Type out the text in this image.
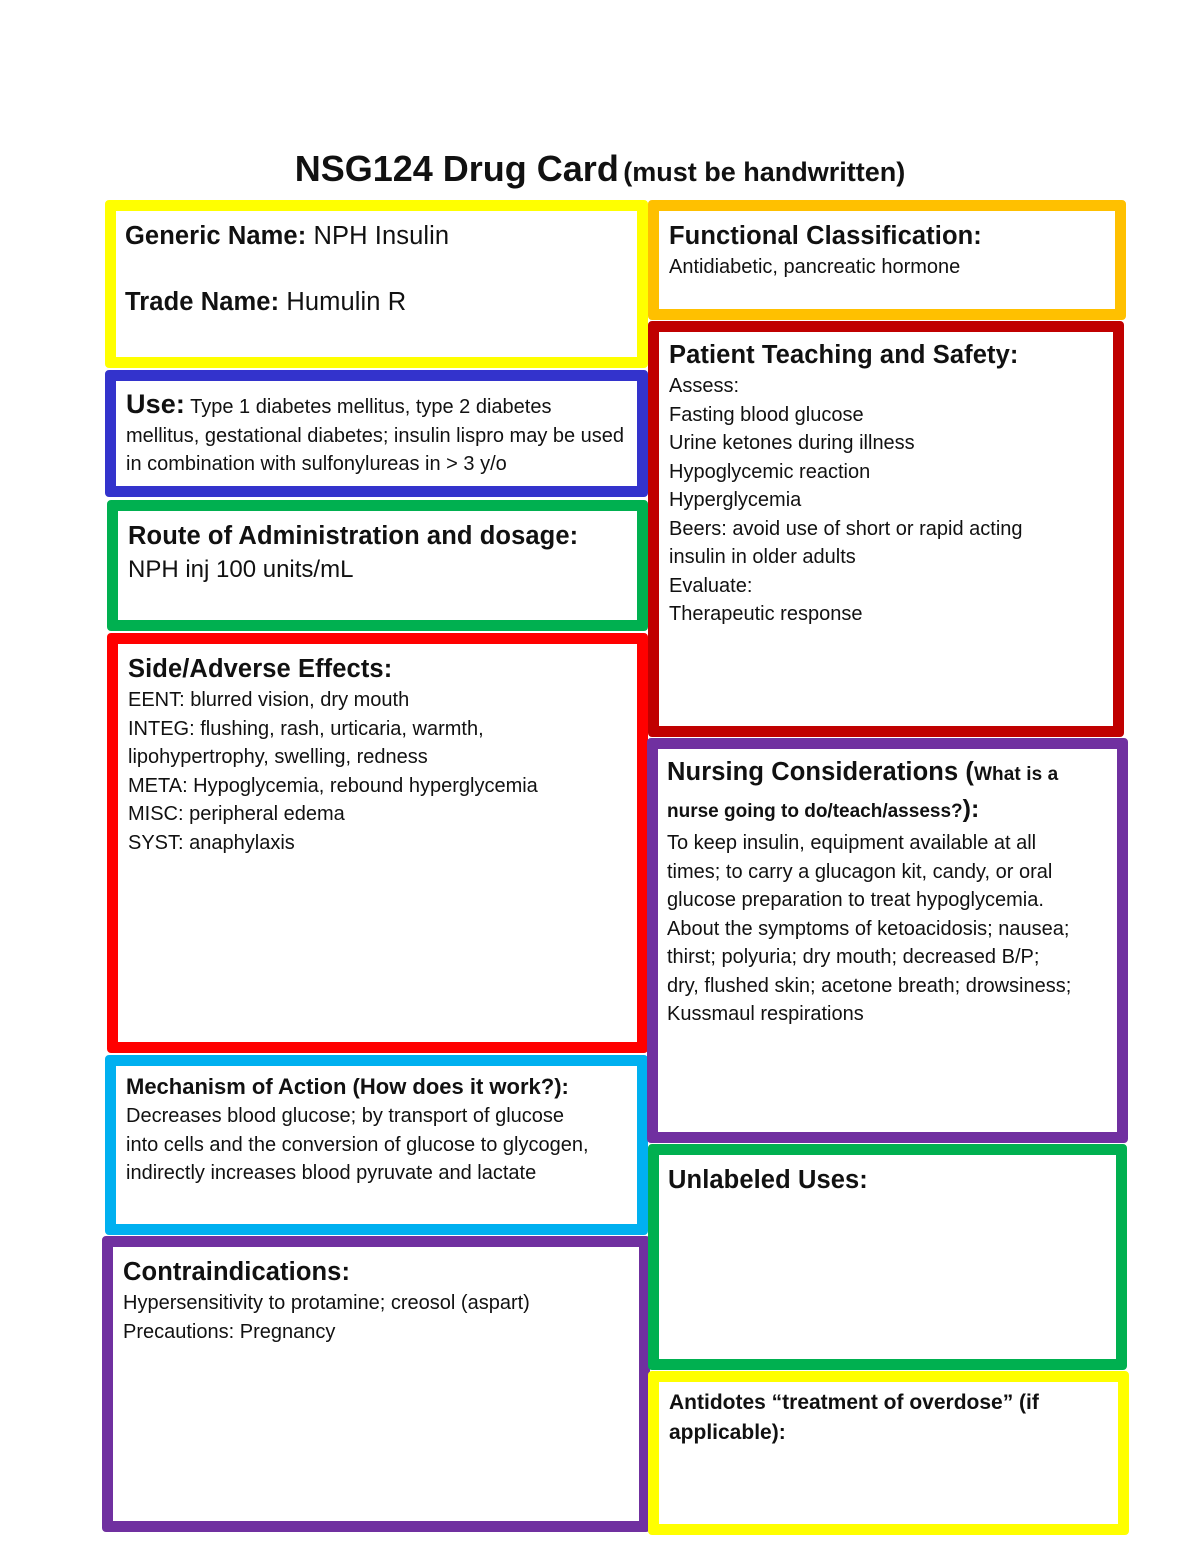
NSG124 Drug Card (must be handwritten)
Generic Name: NPH Insulin
Trade Name: Humulin R
Use: Type 1 diabetes mellitus, type 2 diabetes mellitus, gestational diabetes; insulin lispro may be used in combination with sulfonylureas in > 3 y/o
Route of Administration and dosage:
NPH inj 100 units/mL
Side/Adverse Effects:
EENT: blurred vision, dry mouth
INTEG: flushing, rash, urticaria, warmth,
lipohypertrophy, swelling, redness
META: Hypoglycemia, rebound hyperglycemia
MISC: peripheral edema
SYST: anaphylaxis
Mechanism of Action (How does it work?):
Decreases blood glucose; by transport of glucose
into cells and the conversion of glucose to glycogen,
indirectly increases blood pyruvate and lactate
Contraindications:
Hypersensitivity to protamine; creosol (aspart)
Precautions: Pregnancy
Functional Classification:
Antidiabetic, pancreatic hormone
Patient Teaching and Safety:
Assess:
Fasting blood glucose
Urine ketones during illness
Hypoglycemic reaction
Hyperglycemia
Beers: avoid use of short or rapid acting
insulin in older adults
Evaluate:
Therapeutic response
Nursing Considerations (What is a
nurse going to do/teach/assess?):
To keep insulin, equipment available at all
times; to carry a glucagon kit, candy, or oral
glucose preparation to treat hypoglycemia.
About the symptoms of ketoacidosis; nausea;
thirst; polyuria; dry mouth; decreased B/P;
dry, flushed skin; acetone breath; drowsiness;
Kussmaul respirations
Unlabeled Uses:
Antidotes “treatment of overdose” (if applicable):
